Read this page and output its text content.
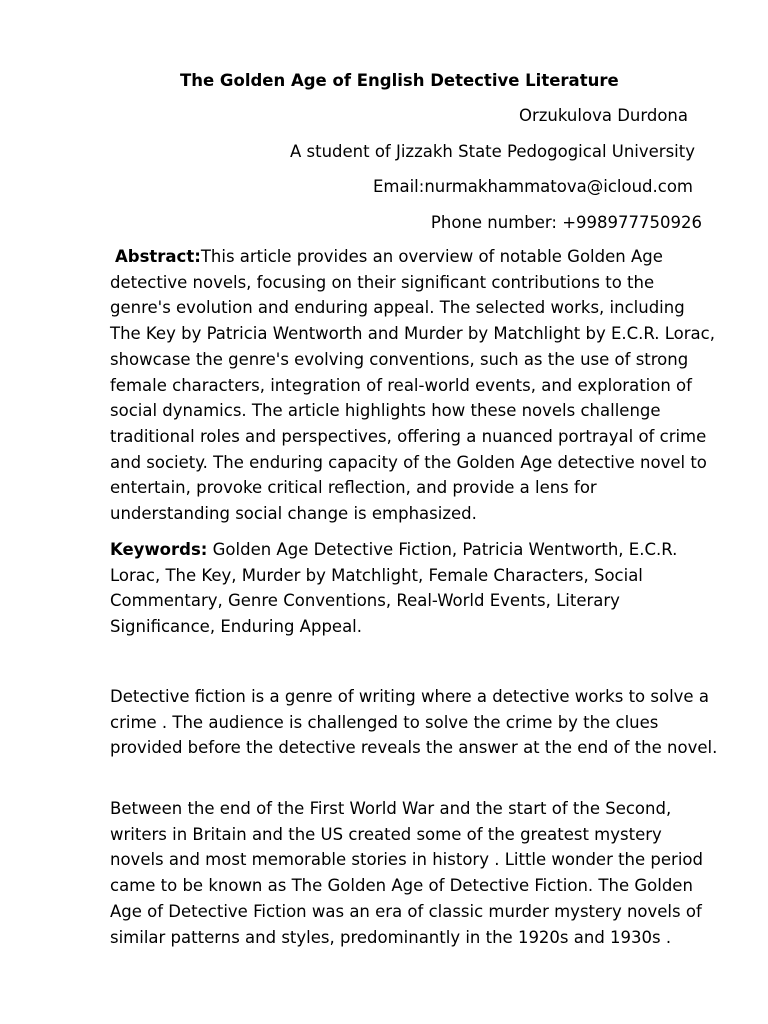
The Golden Age of English Detective Literature
Orzukulova Durdona
A student of Jizzakh State Pedogogical University
Email:nurmakhammatova@icloud.com
Phone number: +998977750926

Abstract:This article provides an overview of notable Golden Age detective novels, focusing on their significant contributions to the genre's evolution and enduring appeal. The selected works, including The Key by Patricia Wentworth and Murder by Matchlight by E.C.R. Lorac, showcase the genre's evolving conventions, such as the use of strong female characters, integration of real-world events, and exploration of social dynamics. The article highlights how these novels challenge traditional roles and perspectives, offering a nuanced portrayal of crime and society. The enduring capacity of the Golden Age detective novel to entertain, provoke critical reflection, and provide a lens for understanding social change is emphasized.

Keywords: Golden Age Detective Fiction, Patricia Wentworth, E.C.R. Lorac, The Key, Murder by Matchlight, Female Characters, Social Commentary, Genre Conventions, Real-World Events, Literary Significance, Enduring Appeal.

Detective fiction is a genre of writing where a detective works to solve a crime . The audience is challenged to solve the crime by the clues provided before the detective reveals the answer at the end of the novel.

Between the end of the First World War and the start of the Second, writers in Britain and the US created some of the greatest mystery novels and most memorable stories in history . Little wonder the period came to be known as The Golden Age of Detective Fiction. The Golden Age of Detective Fiction was an era of classic murder mystery novels of similar patterns and styles, predominantly in the 1920s and 1930s .
